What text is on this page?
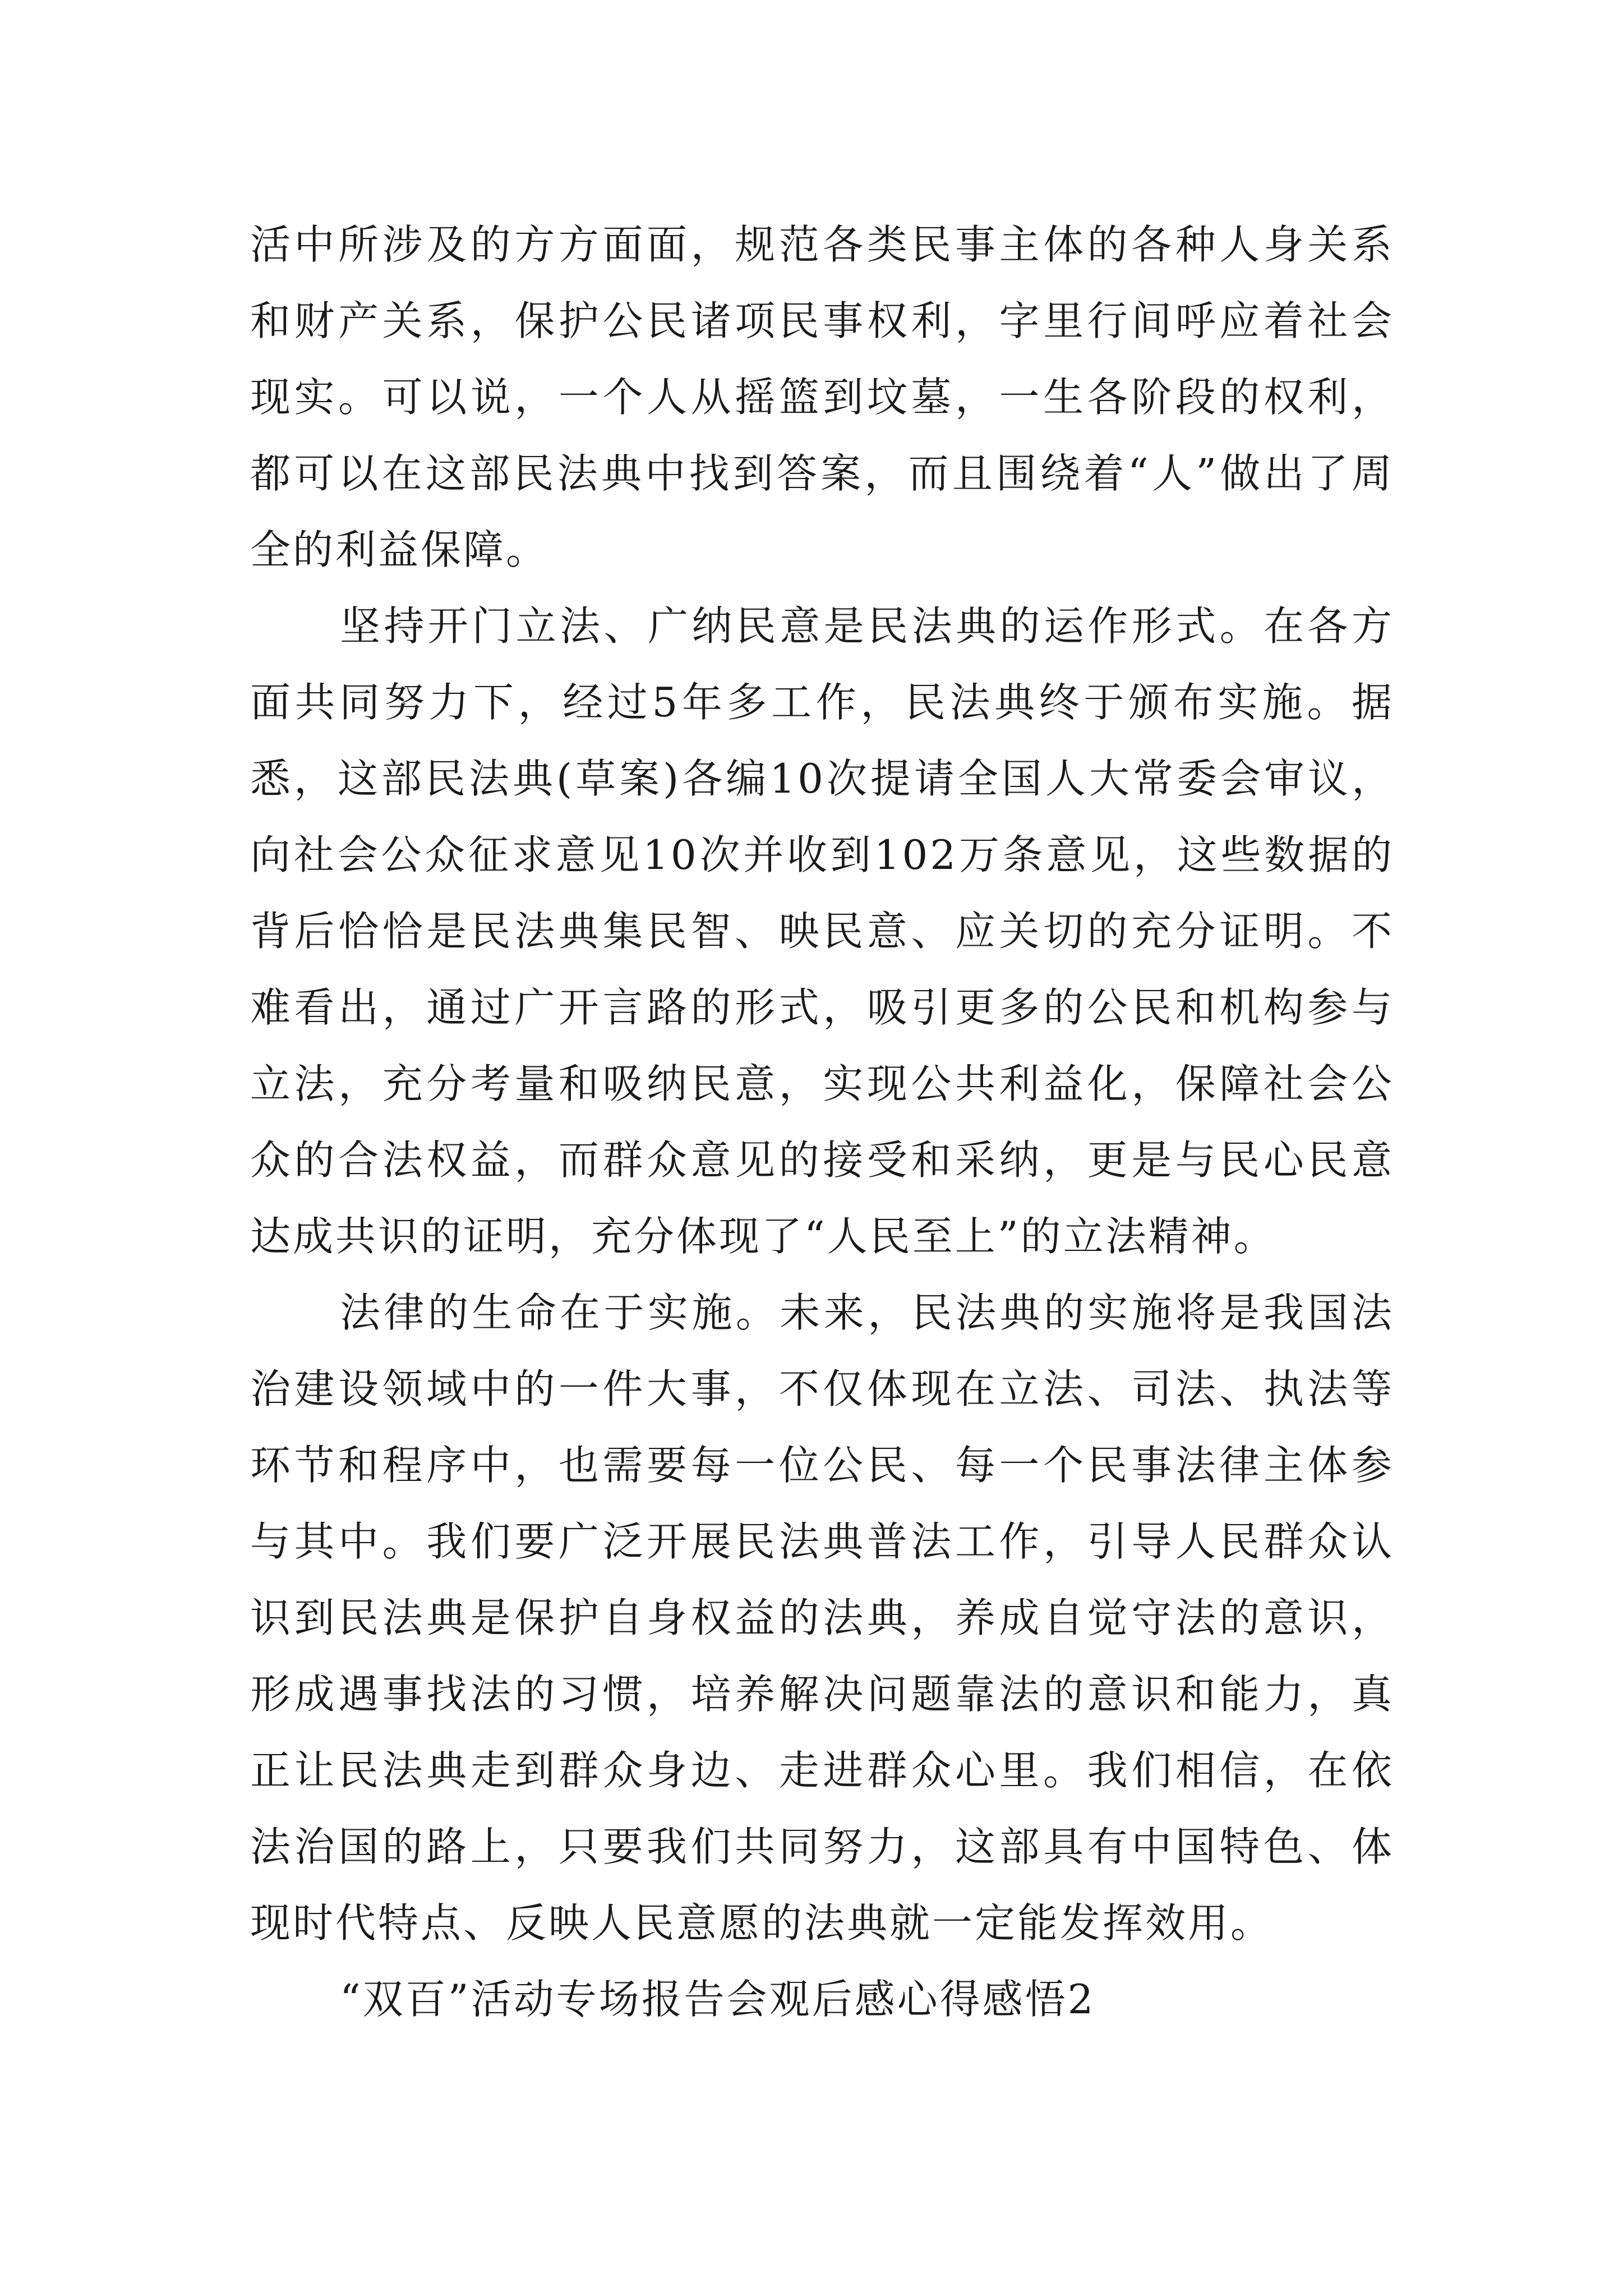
活中所涉及的方方面面，规范各类民事主体的各种人身关系和财产关系，保护公民诸项民事权利，字里行间呼应着社会现实。可以说，一个人从摇篮到坟墓，一生各阶段的权利，都可以在这部民法典中找到答案，而且围绕着“人”做出了周全的利益保障。

坚持开门立法、广纳民意是民法典的运作形式。在各方面共同努力下，经过5年多工作，民法典终于颁布实施。据悉，这部民法典(草案)各编10次提请全国人大常委会审议，向社会公众征求意见10次并收到102万条意见，这些数据的背后恰恰是民法典集民智、映民意、应关切的充分证明。不难看出，通过广开言路的形式，吸引更多的公民和机构参与立法，充分考量和吸纳民意，实现公共利益化，保障社会公众的合法权益，而群众意见的接受和采纳，更是与民心民意达成共识的证明，充分体现了“人民至上”的立法精神。

法律的生命在于实施。未来，民法典的实施将是我国法治建设领域中的一件大事，不仅体现在立法、司法、执法等环节和程序中，也需要每一位公民、每一个民事法律主体参与其中。我们要广泛开展民法典普法工作，引导人民群众认识到民法典是保护自身权益的法典，养成自觉守法的意识，形成遇事找法的习惯，培养解决问题靠法的意识和能力，真正让民法典走到群众身边、走进群众心里。我们相信，在依法治国的路上，只要我们共同努力，这部具有中国特色、体现时代特点、反映人民意愿的法典就一定能发挥效用。

“双百”活动专场报告会观后感心得感悟2
